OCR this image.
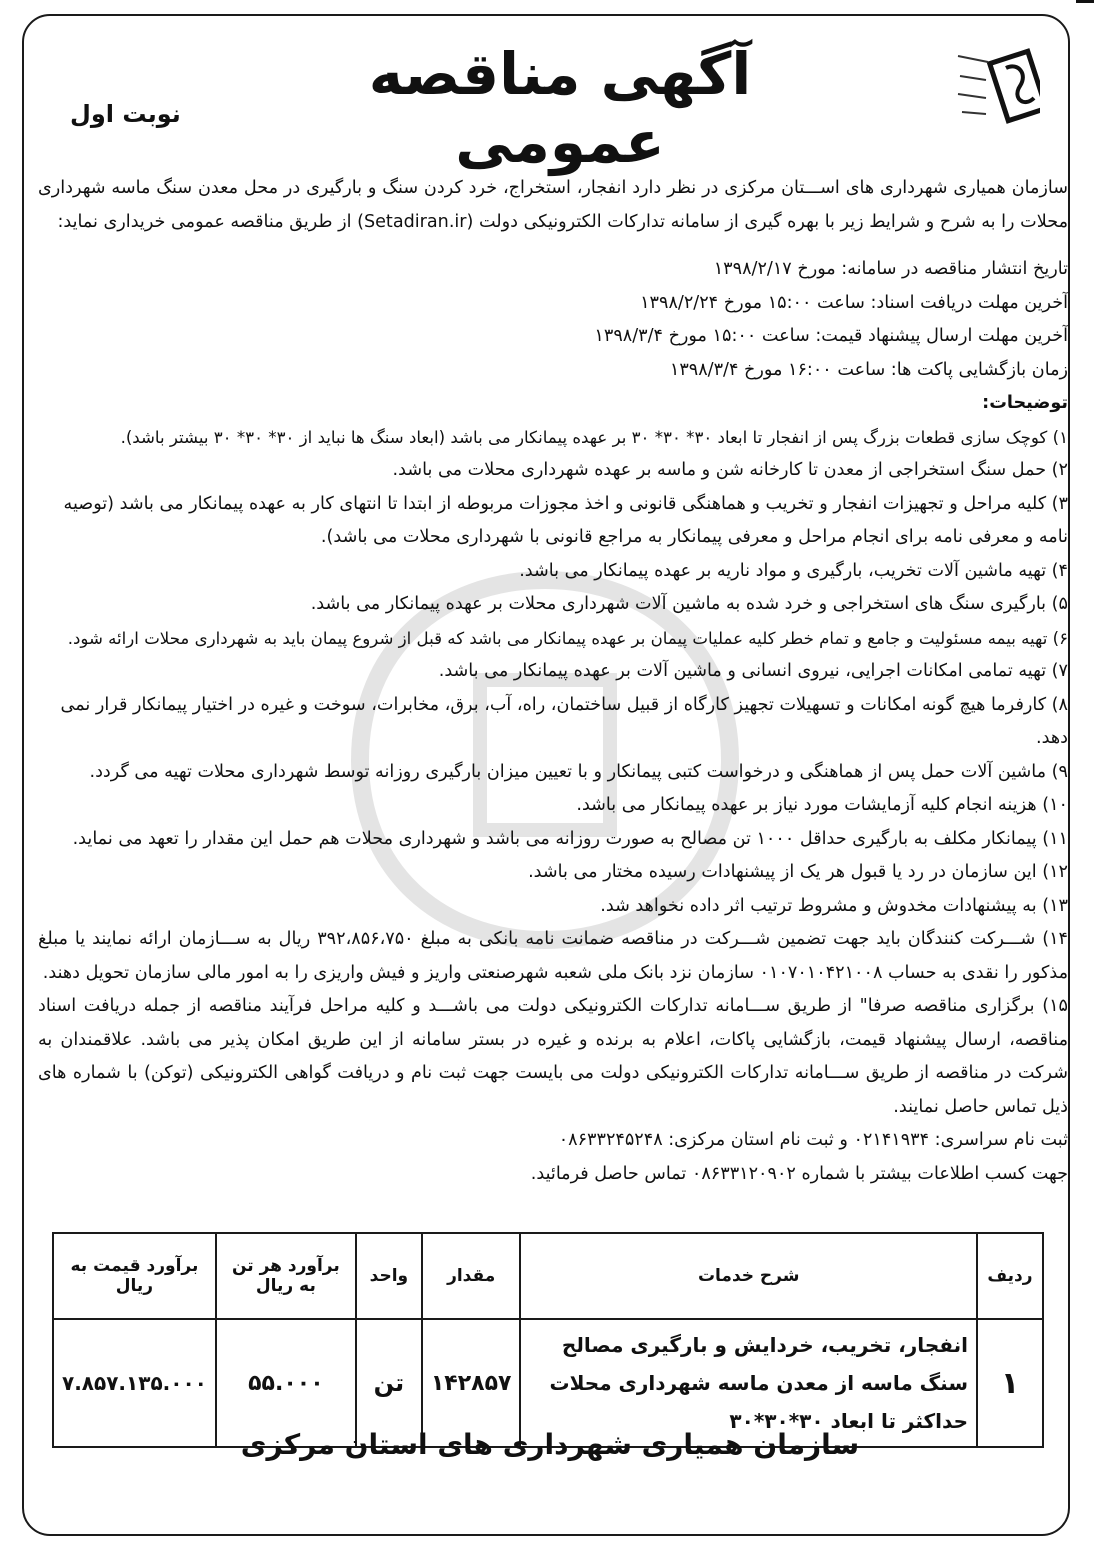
آگهی مناقصه عمومی
نوبت اول

سازمان همیاری شهرداری های اســـتان مرکزی در نظر دارد انفجار، استخراج، خرد کردن سنگ و بارگیری در محل معدن سنگ ماسه شهرداری محلات را به شرح و شرایط زیر با بهره گیری از سامانه تدارکات الکترونیکی دولت (Setadiran.ir) از طریق مناقصه عمومی خریداری نماید:

تاریخ انتشار مناقصه در سامانه: مورخ ۱۳۹۸/۲/۱۷

آخرین مهلت دریافت اسناد: ساعت ۱۵:۰۰ مورخ ۱۳۹۸/۲/۲۴

آخرین مهلت ارسال پیشنهاد قیمت: ساعت ۱۵:۰۰ مورخ ۱۳۹۸/۳/۴

زمان بازگشایی پاکت ها: ساعت ۱۶:۰۰ مورخ ۱۳۹۸/۳/۴

توضیحات:

۱) کوچک سازی قطعات بزرگ پس از انفجار تا ابعاد ۳۰* ۳۰* ۳۰ بر عهده پیمانکار می باشد (ابعاد سنگ ها نباید از ۳۰* ۳۰* ۳۰ بیشتر باشد).

۲) حمل سنگ استخراجی از معدن تا کارخانه شن و ماسه بر عهده شهرداری محلات می باشد.

۳) کلیه مراحل و تجهیزات انفجار و تخریب و هماهنگی قانونی و اخذ مجوزات مربوطه از ابتدا تا انتهای کار به عهده پیمانکار می باشد (توصیه نامه و معرفی نامه برای انجام مراحل و معرفی پیمانکار به مراجع قانونی با شهرداری محلات می باشد).

۴) تهیه ماشین آلات تخریب، بارگیری و مواد ناریه بر عهده پیمانکار می باشد.

۵) بارگیری سنگ های استخراجی و خرد شده به ماشین آلات شهرداری محلات بر عهده پیمانکار می باشد.

۶) تهیه بیمه مسئولیت و جامع و تمام خطر کلیه عملیات پیمان بر عهده پیمانکار می باشد که قبل از شروع پیمان باید به شهرداری محلات ارائه شود.

۷) تهیه تمامی امکانات اجرایی، نیروی انسانی و ماشین آلات بر عهده پیمانکار می باشد.

۸) کارفرما هیچ گونه امکانات و تسهیلات تجهیز کارگاه از قبیل ساختمان، راه، آب، برق، مخابرات، سوخت و غیره در اختیار پیمانکار قرار نمی دهد.

۹) ماشین آلات حمل پس از هماهنگی و درخواست کتبی پیمانکار و با تعیین میزان بارگیری روزانه توسط شهرداری محلات تهیه می گردد.

۱۰) هزینه انجام کلیه آزمایشات مورد نیاز بر عهده پیمانکار می باشد.

۱۱) پیمانکار مکلف به بارگیری حداقل ۱۰۰۰ تن مصالح به صورت روزانه می باشد و شهرداری محلات هم حمل این مقدار را تعهد می نماید.

۱۲) این سازمان در رد یا قبول هر یک از پیشنهادات رسیده مختار می باشد.

۱۳) به پیشنهادات مخدوش و مشروط ترتیب اثر داده نخواهد شد.

۱۴) شـــرکت کنندگان باید جهت تضمین شـــرکت در مناقصه ضمانت نامه بانکی به مبلغ ۳۹۲،۸۵۶،۷۵۰ ریال به ســـازمان ارائه نمایند یا مبلغ مذکور را نقدی به حساب ۰۱۰۷۰۱۰۴۲۱۰۰۸ سازمان نزد بانک ملی شعبه شهرصنعتی واریز و فیش واریزی را به امور مالی سازمان تحویل دهند.

۱۵) برگزاری مناقصه صرفا" از طریق ســـامانه تدارکات الکترونیکی دولت می باشـــد و کلیه مراحل فرآیند مناقصه از جمله دریافت اسناد مناقصه، ارسال پیشنهاد قیمت، بازگشایی پاکات، اعلام به برنده و غیره در بستر سامانه از این طریق امکان پذیر می باشد. علاقمندان به شرکت در مناقصه از طریق ســـامانه تدارکات الکترونیکی دولت می بایست جهت ثبت نام و دریافت گواهی الکترونیکی (توکن) با شماره های ذیل تماس حاصل نمایند.

ثبت نام سراسری: ۰۲۱۴۱۹۳۴ و ثبت نام استان مرکزی: ۰۸۶۳۳۲۴۵۲۴۸

جهت کسب اطلاعات بیشتر با شماره ۰۸۶۳۳۱۲۰۹۰۲ تماس حاصل فرمائید.

ردیف	شرح خدمات	مقدار	واحد	برآورد هر تن به ریال	برآورد قیمت به ریال
۱	انفجار، تخریب، خردایش و بارگیری مصالح سنگ ماسه از معدن ماسه شهرداری محلات حداکثر تا ابعاد ۳۰*۳۰*۳۰	۱۴۲۸۵۷	تن	۵۵.۰۰۰	۷.۸۵۷.۱۳۵.۰۰۰
سازمان همیاری شهرداری های استان مرکزی
